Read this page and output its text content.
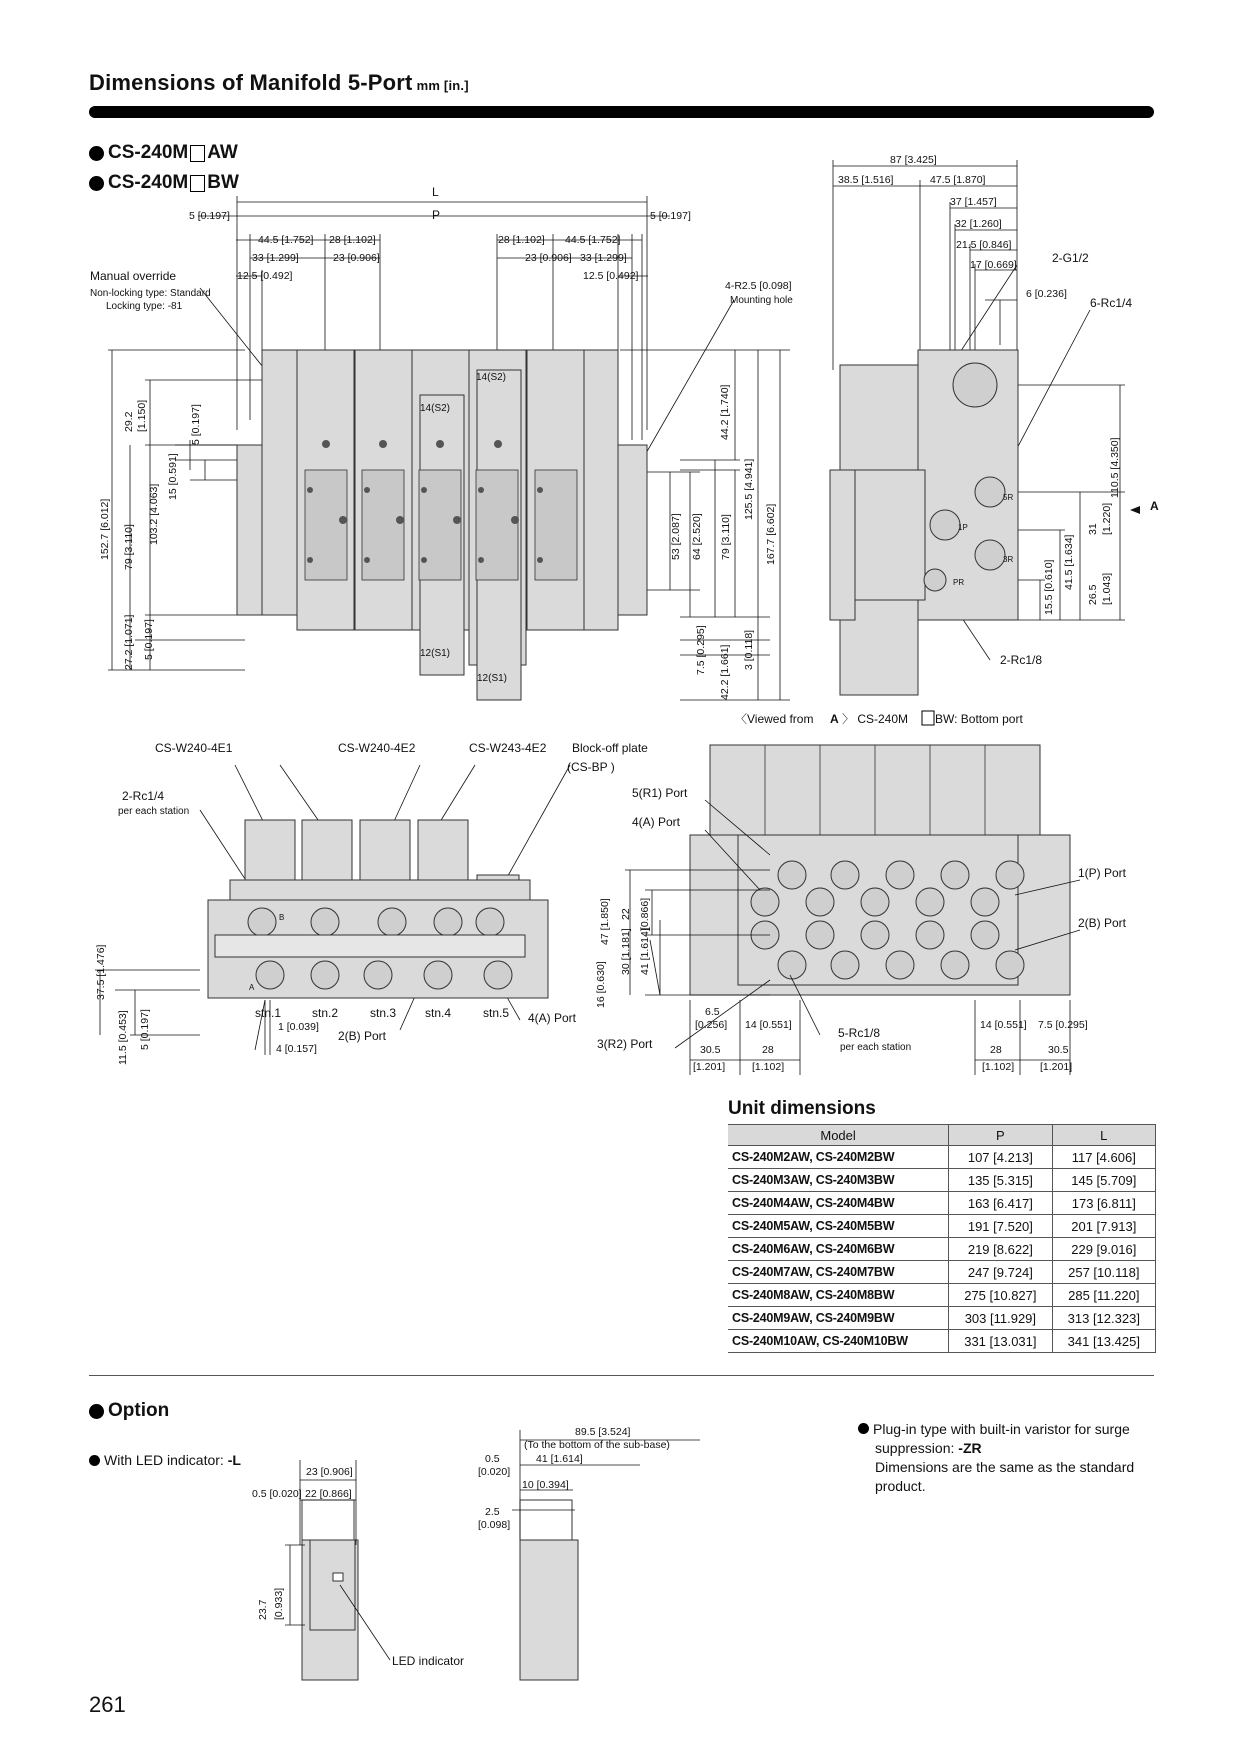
Dimensions of Manifold 5-Port mm [in.]
CS-240M AW
CS-240M BW	L
P
5 [0.197]	5 [0.197]
44.5 [1.752] 28 [1.102]	28 [1.102] 44.5 [1.752]
33 [1.299]	23 [0.906]	23 [0.906] 33 [1.299]
12.5 [0.492]	12.5 [0.492]
Manual override
Non-locking type: Standard
Locking type: -81
4-R2.5 [0.098]
Mounting hole
14(S2)
14(S2)
12(S1)
12(S1)
152.7 [6.012]
29.2 [1.150]	5 [0.197]
15 [0.591]
103.2 [4.063]
79 [3.110]
27.2 [1.071] 5 [0.197]
44.2 [1.740]
53 [2.087] 64 [2.520] 79 [3.110]
125.5 [4.941]
167.7 [6.602]
7.5 [0.295] 42.2 [1.661] 3 [0.118]
87 [3.425]
38.5 [1.516]	47.5 [1.870]
37 [1.457]
32 [1.260]
21.5 [0.846]
17 [0.669]
6 [0.236]
2-G1/2
6-Rc1/4
2-Rc1/8
A
110.5 [4.350]
31 [1.220]
41.5 [1.634]
26.5 [1.043]
15.5 [0.610]
5R
1P
3R
PR
CS-W240-4E1	CS-W240-4E2	CS-W243-4E2 Block-off plate
(CS-BP )
2-Rc1/4
per each station
37.5 [1.476]
11.5 [0.453] 5 [0.197]	1 [0.039]
4 [0.157]
stn.1	stn.2	stn.3 stn.4	stn.5
2(B) Port
4(A) Port
B
A
〈Viewed from A 〉 CS-240M BW: Bottom port
5(R1) Port
4(A) Port
1(P) Port
2(B) Port
3(R2) Port
5-Rc1/8
per each station
47 [1.850] 22 [0.866]
30 [1.181] 41 [1.614]
16 [0.630]
6.5
[0.256] 14 [0.551]
30.5
[1.201]
28
[1.102]
14 [0.551] 7.5 [0.295]
28
[1.102]
30.5
[1.201]
Unit dimensions
Model	P	L
CS-240M2AW, CS-240M2BW	107 [4.213]	117 [4.606]
CS-240M3AW, CS-240M3BW	135 [5.315]	145 [5.709]
CS-240M4AW, CS-240M4BW	163 [6.417]	173 [6.811]
CS-240M5AW, CS-240M5BW	191 [7.520]	201 [7.913]
CS-240M6AW, CS-240M6BW	219 [8.622]	229 [9.016]
CS-240M7AW, CS-240M7BW	247 [9.724]	257 [10.118]
CS-240M8AW, CS-240M8BW	275 [10.827]	285 [11.220]
CS-240M9AW, CS-240M9BW	303 [11.929]	313 [12.323]
CS-240M10AW, CS-240M10BW	331 [13.031]	341 [13.425]
Option
With LED indicator:
-L
23 [0.906]
0.5 [0.020] 22 [0.866]
23.7 [0.933]
LED indicator
89.5 [3.524]
(To the bottom of the sub-base)
0.5
[0.020]
41 [1.614]
10 [0.394]
2.5
[0.098]
Plug-in type with built-in varistor for surge
suppression: -ZR
Dimensions are the same as the standard
product.
261
